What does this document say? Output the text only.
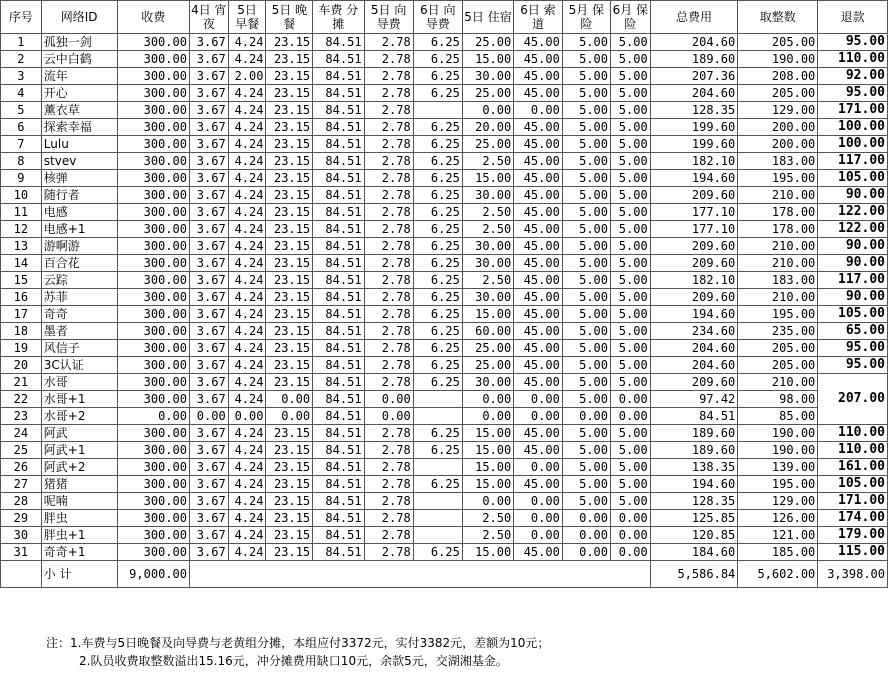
序号	网络ID	收费	4日 宵夜	5日 早餐	5日 晚餐	车费 分摊	5日 向导费	6日 向导费	5日 住宿	6日 索道	5月 保险	6月 保险	总费用	取整数	退款
1	孤独一剑	300.00	3.67	4.24	23.15	84.51	2.78	6.25	25.00	45.00	5.00	5.00	204.60	205.00	95.00
2	云中白鹤	300.00	3.67	4.24	23.15	84.51	2.78	6.25	15.00	45.00	5.00	5.00	189.60	190.00	110.00
3	流年	300.00	3.67	2.00	23.15	84.51	2.78	6.25	30.00	45.00	5.00	5.00	207.36	208.00	92.00
4	开心	300.00	3.67	4.24	23.15	84.51	2.78	6.25	25.00	45.00	5.00	5.00	204.60	205.00	95.00
5	薰衣草	300.00	3.67	4.24	23.15	84.51	2.78		0.00	0.00	5.00	5.00	128.35	129.00	171.00
6	探索幸福	300.00	3.67	4.24	23.15	84.51	2.78	6.25	20.00	45.00	5.00	5.00	199.60	200.00	100.00
7	Lulu	300.00	3.67	4.24	23.15	84.51	2.78	6.25	25.00	45.00	5.00	5.00	199.60	200.00	100.00
8	stvev	300.00	3.67	4.24	23.15	84.51	2.78	6.25	2.50	45.00	5.00	5.00	182.10	183.00	117.00
9	核弹	300.00	3.67	4.24	23.15	84.51	2.78	6.25	15.00	45.00	5.00	5.00	194.60	195.00	105.00
10	随行者	300.00	3.67	4.24	23.15	84.51	2.78	6.25	30.00	45.00	5.00	5.00	209.60	210.00	90.00
11	电感	300.00	3.67	4.24	23.15	84.51	2.78	6.25	2.50	45.00	5.00	5.00	177.10	178.00	122.00
12	电感+1	300.00	3.67	4.24	23.15	84.51	2.78	6.25	2.50	45.00	5.00	5.00	177.10	178.00	122.00
13	游啊游	300.00	3.67	4.24	23.15	84.51	2.78	6.25	30.00	45.00	5.00	5.00	209.60	210.00	90.00
14	百合花	300.00	3.67	4.24	23.15	84.51	2.78	6.25	30.00	45.00	5.00	5.00	209.60	210.00	90.00
15	云踪	300.00	3.67	4.24	23.15	84.51	2.78	6.25	2.50	45.00	5.00	5.00	182.10	183.00	117.00
16	苏菲	300.00	3.67	4.24	23.15	84.51	2.78	6.25	30.00	45.00	5.00	5.00	209.60	210.00	90.00
17	奇奇	300.00	3.67	4.24	23.15	84.51	2.78	6.25	15.00	45.00	5.00	5.00	194.60	195.00	105.00
18	墨者	300.00	3.67	4.24	23.15	84.51	2.78	6.25	60.00	45.00	5.00	5.00	234.60	235.00	65.00
19	风信子	300.00	3.67	4.24	23.15	84.51	2.78	6.25	25.00	45.00	5.00	5.00	204.60	205.00	95.00
20	3C认证	300.00	3.67	4.24	23.15	84.51	2.78	6.25	25.00	45.00	5.00	5.00	204.60	205.00	95.00
21	水哥	300.00	3.67	4.24	23.15	84.51	2.78	6.25	30.00	45.00	5.00	5.00	209.60	210.00	207.00
22	水哥+1	300.00	3.67	4.24	0.00	84.51	0.00		0.00	0.00	5.00	0.00	97.42	98.00	
23	水哥+2	0.00	0.00	0.00	0.00	84.51	0.00		0.00	0.00	0.00	0.00	84.51	85.00	
24	阿武	300.00	3.67	4.24	23.15	84.51	2.78	6.25	15.00	45.00	5.00	5.00	189.60	190.00	110.00
25	阿武+1	300.00	3.67	4.24	23.15	84.51	2.78	6.25	15.00	45.00	5.00	5.00	189.60	190.00	110.00
26	阿武+2	300.00	3.67	4.24	23.15	84.51	2.78		15.00	0.00	5.00	5.00	138.35	139.00	161.00
27	猪猪	300.00	3.67	4.24	23.15	84.51	2.78	6.25	15.00	45.00	5.00	5.00	194.60	195.00	105.00
28	呢喃	300.00	3.67	4.24	23.15	84.51	2.78		0.00	0.00	5.00	5.00	128.35	129.00	171.00
29	胖虫	300.00	3.67	4.24	23.15	84.51	2.78		2.50	0.00	0.00	0.00	125.85	126.00	174.00
30	胖虫+1	300.00	3.67	4.24	23.15	84.51	2.78		2.50	0.00	0.00	0.00	120.85	121.00	179.00
31	奇奇+1	300.00	3.67	4.24	23.15	84.51	2.78	6.25	15.00	45.00	0.00	0.00	184.60	185.00	115.00
	小 计	9,000.00											5,586.84	5,602.00	3,398.00
注：1.车费与5日晚餐及向导费与老黄组分摊，本组应付3372元，实付3382元，差额为10元；
2.队员收费取整数溢出15.16元，冲分摊费用缺口10元，余款5元，交湖湘基金。
